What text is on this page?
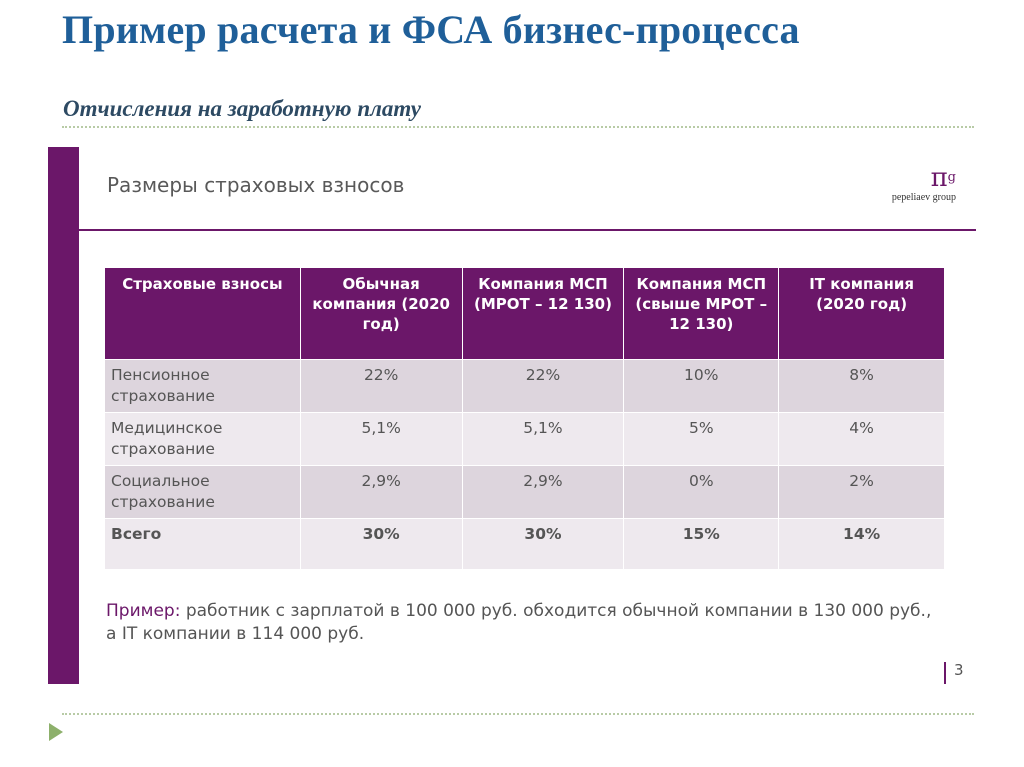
Пример расчета и ФСА бизнес-процесса
Отчисления на заработную плату
Размеры страховых взносов	$\pi^g$
pepeliaev group
Страховые взносы	Обычная компания (2020 год)	Компания МСП (МРОТ – 12 130)	Компания МСП (свыше МРОТ – 12 130)	IT компания (2020 год)
Пенсионное страхование	22%	22%	10%	8%
Медицинское страхование	5,1%	5,1%	5%	4%
Социальное страхование	2,9%	2,9%	0%	2%
Всего	30%	30%	15%	14%

Пример: работник с зарплатой в 100 000 руб. обходится обычной компании в 130 000 руб., а IT компании в 114 000 руб.

3
